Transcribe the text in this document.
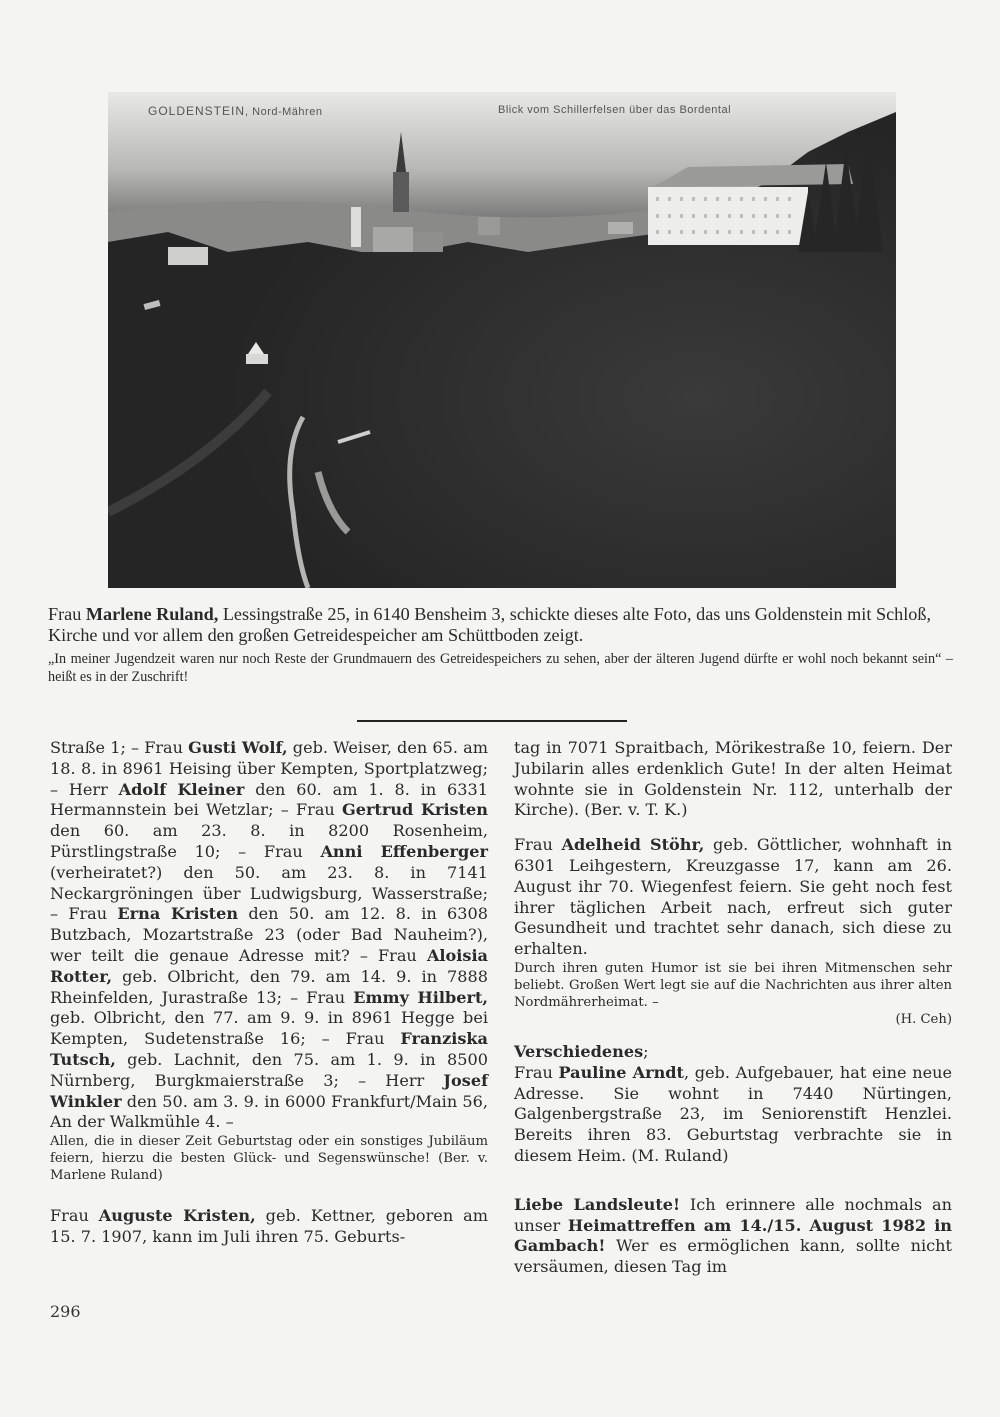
GOLDENSTEIN, Nord-Mähren	Blick vom Schillerfelsen über das Bordental
Frau Marlene Ruland, Lessingstraße 25, in 6140 Bensheim 3, schickte dieses alte Foto, das uns Goldenstein mit Schloß, Kirche und vor allem den großen Getreidespeicher am Schüttboden zeigt.
„In meiner Jugendzeit waren nur noch Reste der Grundmauern des Getreidespeichers zu sehen, aber der älteren Jugend dürfte er wohl noch bekannt sein“ – heißt es in der Zuschrift!

Straße 1; – Frau Gusti Wolf, geb. Weiser, den 65. am 18. 8. in 8961 Heising über Kempten, Sportplatzweg; – Herr Adolf Kleiner den 60. am 1. 8. in 6331 Hermannstein bei Wetzlar; – Frau Gertrud Kristen den 60. am 23. 8. in 8200 Rosenheim, Pürstlingstraße 10; – Frau Anni Effenberger (verheiratet?) den 50. am 23. 8. in 7141 Neckargröningen über Ludwigsburg, Wasserstraße; – Frau Erna Kristen den 50. am 12. 8. in 6308 Butzbach, Mozartstraße 23 (oder Bad Nauheim?), wer teilt die genaue Adresse mit? – Frau Aloisia Rotter, geb. Olbricht, den 79. am 14. 9. in 7888 Rheinfelden, Jurastraße 13; – Frau Emmy Hilbert, geb. Olbricht, den 77. am 9. 9. in 8961 Hegge bei Kempten, Sudetenstraße 16; – Frau Franziska Tutsch, geb. Lachnit, den 75. am 1. 9. in 8500 Nürnberg, Burgkmaierstraße 3; – Herr Josef Winkler den 50. am 3. 9. in 6000 Frankfurt/Main 56, An der Walkmühle 4. –

Allen, die in dieser Zeit Geburtstag oder ein sonstiges Jubiläum feiern, hierzu die besten Glück- und Segenswünsche! (Ber. v. Marlene Ruland)

Frau Auguste Kristen, geb. Kettner, geboren am 15. 7. 1907, kann im Juli ihren 75. Geburts-

tag in 7071 Spraitbach, Mörikestraße 10, feiern. Der Jubilarin alles erdenklich Gute! In der alten Heimat wohnte sie in Goldenstein Nr. 112, unterhalb der Kirche). (Ber. v. T. K.)

Frau Adelheid Stöhr, geb. Göttlicher, wohnhaft in 6301 Leihgestern, Kreuzgasse 17, kann am 26. August ihr 70. Wiegenfest feiern. Sie geht noch fest ihrer täglichen Arbeit nach, erfreut sich guter Gesundheit und trachtet sehr danach, sich diese zu erhalten.

Durch ihren guten Humor ist sie bei ihren Mitmenschen sehr beliebt. Großen Wert legt sie auf die Nachrichten aus ihrer alten Nordmährerheimat. –

(H. Ceh)

Verschiedenes;

Frau Pauline Arndt, geb. Aufgebauer, hat eine neue Adresse. Sie wohnt in 7440 Nürtingen, Galgenbergstraße 23, im Seniorenstift Henzlei. Bereits ihren 83. Geburtstag verbrachte sie in diesem Heim. (M. Ruland)

Liebe Landsleute! Ich erinnere alle nochmals an unser Heimattreffen am 14./15. August 1982 in Gambach! Wer es ermöglichen kann, sollte nicht versäumen, diesen Tag im

296
